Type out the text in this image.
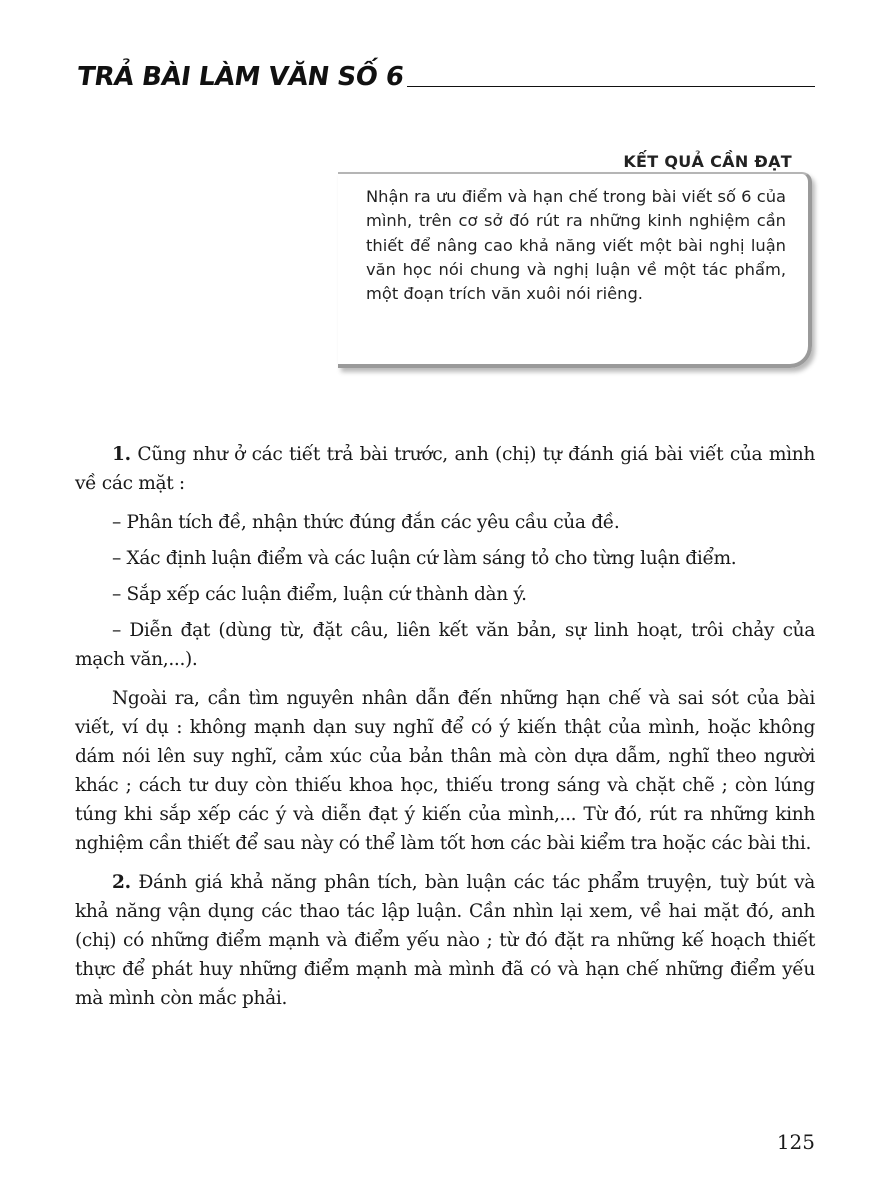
TRẢ BÀI LÀM VĂN SỐ 6
KẾT QUẢ CẦN ĐẠT
Nhận ra ưu điểm và hạn chế trong bài viết số 6 của mình, trên cơ sở đó rút ra những kinh nghiệm cần thiết để nâng cao khả năng viết một bài nghị luận văn học nói chung và nghị luận về một tác phẩm, một đoạn trích văn xuôi nói riêng.

1. Cũng như ở các tiết trả bài trước, anh (chị) tự đánh giá bài viết của mình về các mặt :

– Phân tích đề, nhận thức đúng đắn các yêu cầu của đề.

– Xác định luận điểm và các luận cứ làm sáng tỏ cho từng luận điểm.

– Sắp xếp các luận điểm, luận cứ thành dàn ý.

– Diễn đạt (dùng từ, đặt câu, liên kết văn bản, sự linh hoạt, trôi chảy của mạch văn,...).

Ngoài ra, cần tìm nguyên nhân dẫn đến những hạn chế và sai sót của bài viết, ví dụ : không mạnh dạn suy nghĩ để có ý kiến thật của mình, hoặc không dám nói lên suy nghĩ, cảm xúc của bản thân mà còn dựa dẫm, nghĩ theo người khác ; cách tư duy còn thiếu khoa học, thiếu trong sáng và chặt chẽ ; còn lúng túng khi sắp xếp các ý và diễn đạt ý kiến của mình,... Từ đó, rút ra những kinh nghiệm cần thiết để sau này có thể làm tốt hơn các bài kiểm tra hoặc các bài thi.

2. Đánh giá khả năng phân tích, bàn luận các tác phẩm truyện, tuỳ bút và khả năng vận dụng các thao tác lập luận. Cần nhìn lại xem, về hai mặt đó, anh (chị) có những điểm mạnh và điểm yếu nào ; từ đó đặt ra những kế hoạch thiết thực để phát huy những điểm mạnh mà mình đã có và hạn chế những điểm yếu mà mình còn mắc phải.

125
